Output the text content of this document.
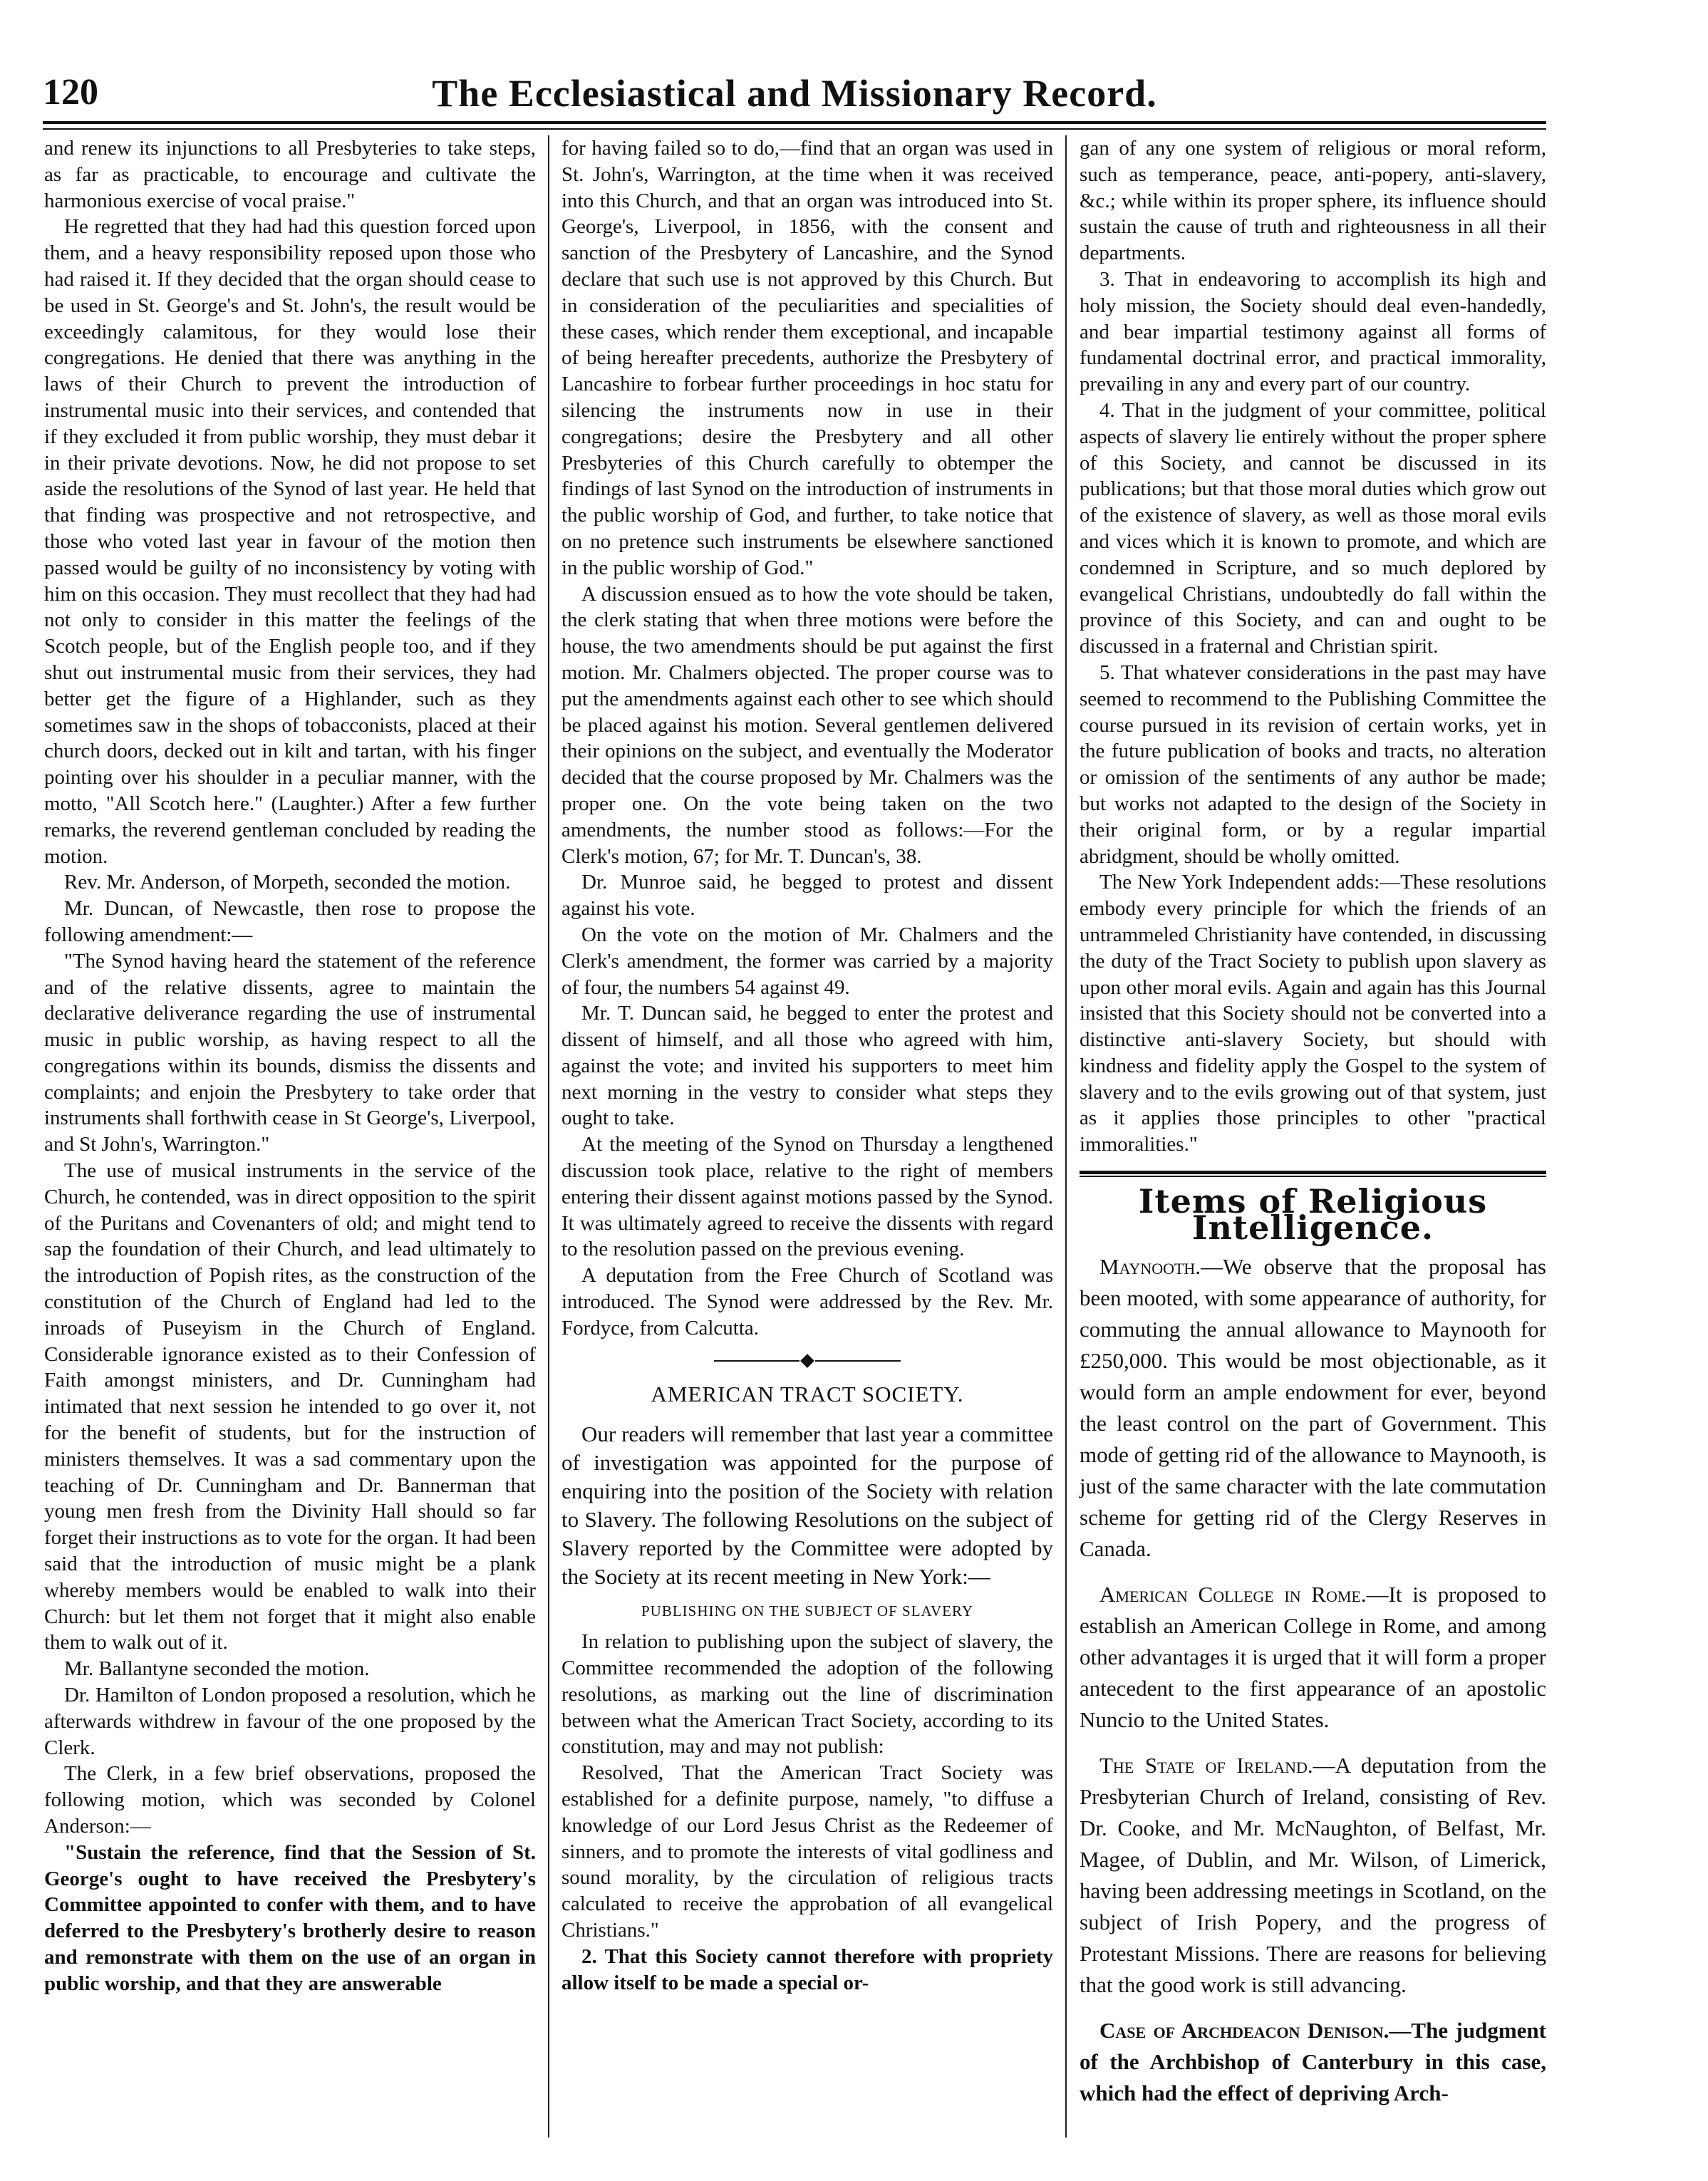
120	The Ecclesiastical and Missionary Record.

and renew its injunctions to all Presbyteries to take steps, as far as practicable, to encourage and cultivate the harmonious exercise of vocal praise."

He regretted that they had had this question forced upon them, and a heavy responsibility reposed upon those who had raised it. If they decided that the organ should cease to be used in St. George's and St. John's, the result would be exceedingly calamitous, for they would lose their congregations. He denied that there was anything in the laws of their Church to prevent the introduction of instrumental music into their services, and contended that if they excluded it from public worship, they must debar it in their private devotions. Now, he did not propose to set aside the resolutions of the Synod of last year. He held that that finding was prospective and not retrospective, and those who voted last year in favour of the motion then passed would be guilty of no inconsistency by voting with him on this occasion. They must recollect that they had had not only to consider in this matter the feelings of the Scotch people, but of the English people too, and if they shut out instrumental music from their services, they had better get the figure of a Highlander, such as they sometimes saw in the shops of tobacconists, placed at their church doors, decked out in kilt and tartan, with his finger pointing over his shoulder in a peculiar manner, with the motto, "All Scotch here." (Laughter.) After a few further remarks, the reverend gentleman concluded by reading the motion.

Rev. Mr. Anderson, of Morpeth, seconded the motion.

Mr. Duncan, of Newcastle, then rose to propose the following amendment:—

"The Synod having heard the statement of the reference and of the relative dissents, agree to maintain the declarative deliverance regarding the use of instrumental music in public worship, as having respect to all the congregations within its bounds, dismiss the dissents and complaints; and enjoin the Presbytery to take order that instruments shall forthwith cease in St George's, Liverpool, and St John's, Warrington."

The use of musical instruments in the service of the Church, he contended, was in direct opposition to the spirit of the Puritans and Covenanters of old; and might tend to sap the foundation of their Church, and lead ultimately to the introduction of Popish rites, as the construction of the constitution of the Church of England had led to the inroads of Puseyism in the Church of England. Considerable ignorance existed as to their Confession of Faith amongst ministers, and Dr. Cunningham had intimated that next session he intended to go over it, not for the benefit of students, but for the instruction of ministers themselves. It was a sad commentary upon the teaching of Dr. Cunningham and Dr. Bannerman that young men fresh from the Divinity Hall should so far forget their instructions as to vote for the organ. It had been said that the introduction of music might be a plank whereby members would be enabled to walk into their Church: but let them not forget that it might also enable them to walk out of it.

Mr. Ballantyne seconded the motion.

Dr. Hamilton of London proposed a resolution, which he afterwards withdrew in favour of the one proposed by the Clerk.

The Clerk, in a few brief observations, proposed the following motion, which was seconded by Colonel Anderson:—

"Sustain the reference, find that the Session of St. George's ought to have received the Presbytery's Committee appointed to confer with them, and to have deferred to the Presbytery's brotherly desire to reason and remonstrate with them on the use of an organ in public worship, and that they are answerable

for having failed so to do,—find that an organ was used in St. John's, Warrington, at the time when it was received into this Church, and that an organ was introduced into St. George's, Liverpool, in 1856, with the consent and sanction of the Presbytery of Lancashire, and the Synod declare that such use is not approved by this Church. But in consideration of the peculiarities and specialities of these cases, which render them exceptional, and incapable of being hereafter precedents, authorize the Presbytery of Lancashire to forbear further proceedings in hoc statu for silencing the instruments now in use in their congregations; desire the Presbytery and all other Presbyteries of this Church carefully to obtemper the findings of last Synod on the introduction of instruments in the public worship of God, and further, to take notice that on no pretence such instruments be elsewhere sanctioned in the public worship of God."

A discussion ensued as to how the vote should be taken, the clerk stating that when three motions were before the house, the two amendments should be put against the first motion. Mr. Chalmers objected. The proper course was to put the amendments against each other to see which should be placed against his motion. Several gentlemen delivered their opinions on the subject, and eventually the Moderator decided that the course proposed by Mr. Chalmers was the proper one. On the vote being taken on the two amendments, the number stood as follows:—For the Clerk's motion, 67; for Mr. T. Duncan's, 38.

Dr. Munroe said, he begged to protest and dissent against his vote.

On the vote on the motion of Mr. Chalmers and the Clerk's amendment, the former was carried by a majority of four, the numbers 54 against 49.

Mr. T. Duncan said, he begged to enter the protest and dissent of himself, and all those who agreed with him, against the vote; and invited his supporters to meet him next morning in the vestry to consider what steps they ought to take.

At the meeting of the Synod on Thursday a lengthened discussion took place, relative to the right of members entering their dissent against motions passed by the Synod. It was ultimately agreed to receive the dissents with regard to the resolution passed on the previous evening.

A deputation from the Free Church of Scotland was introduced. The Synod were addressed by the Rev. Mr. Fordyce, from Calcutta.

AMERICAN TRACT SOCIETY.

Our readers will remember that last year a committee of investigation was appointed for the purpose of enquiring into the position of the Society with relation to Slavery. The following Resolutions on the subject of Slavery reported by the Committee were adopted by the Society at its recent meeting in New York:—

PUBLISHING ON THE SUBJECT OF SLAVERY

In relation to publishing upon the subject of slavery, the Committee recommended the adoption of the following resolutions, as marking out the line of discrimination between what the American Tract Society, according to its constitution, may and may not publish:

Resolved, That the American Tract Society was established for a definite purpose, namely, "to diffuse a knowledge of our Lord Jesus Christ as the Redeemer of sinners, and to promote the interests of vital godliness and sound morality, by the circulation of religious tracts calculated to receive the approbation of all evangelical Christians."

2. That this Society cannot therefore with propriety allow itself to be made a special or-

gan of any one system of religious or moral reform, such as temperance, peace, anti-popery, anti-slavery, &c.; while within its proper sphere, its influence should sustain the cause of truth and righteousness in all their departments.

3. That in endeavoring to accomplish its high and holy mission, the Society should deal even-handedly, and bear impartial testimony against all forms of fundamental doctrinal error, and practical immorality, prevailing in any and every part of our country.

4. That in the judgment of your committee, political aspects of slavery lie entirely without the proper sphere of this Society, and cannot be discussed in its publications; but that those moral duties which grow out of the existence of slavery, as well as those moral evils and vices which it is known to promote, and which are condemned in Scripture, and so much deplored by evangelical Christians, undoubtedly do fall within the province of this Society, and can and ought to be discussed in a fraternal and Christian spirit.

5. That whatever considerations in the past may have seemed to recommend to the Publishing Committee the course pursued in its revision of certain works, yet in the future publication of books and tracts, no alteration or omission of the sentiments of any author be made; but works not adapted to the design of the Society in their original form, or by a regular impartial abridgment, should be wholly omitted.

The New York Independent adds:—These resolutions embody every principle for which the friends of an untrammeled Christianity have contended, in discussing the duty of the Tract Society to publish upon slavery as upon other moral evils. Again and again has this Journal insisted that this Society should not be converted into a distinctive anti-slavery Society, but should with kindness and fidelity apply the Gospel to the system of slavery and to the evils growing out of that system, just as it applies those principles to other "practical immoralities."

Items of Religious Intelligence.

Maynooth.—We observe that the proposal has been mooted, with some appearance of authority, for commuting the annual allowance to Maynooth for £250,000. This would be most objectionable, as it would form an ample endowment for ever, beyond the least control on the part of Government. This mode of getting rid of the allowance to Maynooth, is just of the same character with the late commutation scheme for getting rid of the Clergy Reserves in Canada.

American College in Rome.—It is proposed to establish an American College in Rome, and among other advantages it is urged that it will form a proper antecedent to the first appearance of an apostolic Nuncio to the United States.

The State of Ireland.—A deputation from the Presbyterian Church of Ireland, consisting of Rev. Dr. Cooke, and Mr. McNaughton, of Belfast, Mr. Magee, of Dublin, and Mr. Wilson, of Limerick, having been addressing meetings in Scotland, on the subject of Irish Popery, and the progress of Protestant Missions. There are reasons for believing that the good work is still advancing.

Case of Archdeacon Denison.—The judgment of the Archbishop of Canterbury in this case, which had the effect of depriving Arch-
